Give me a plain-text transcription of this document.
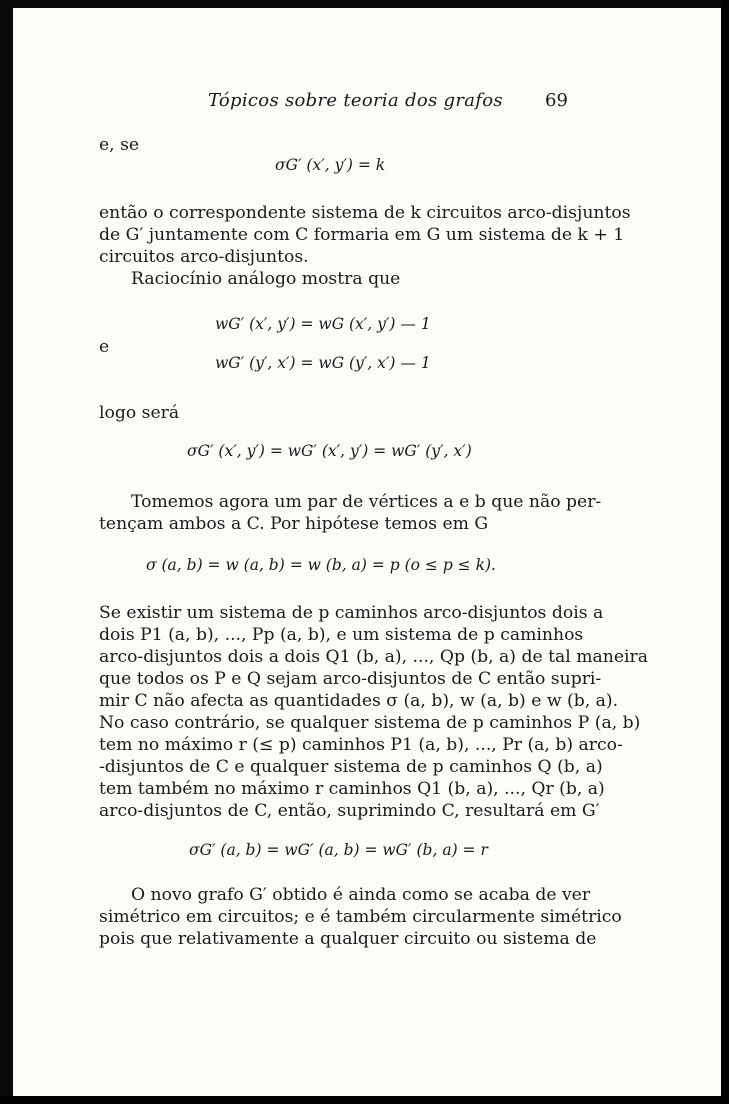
Tópicos sobre teoria dos grafos 69
e, se
σG′ (x′, y′) = k
então o correspondente sistema de k circuitos arco-disjuntos
de G′ juntamente com C formaria em G um sistema de k + 1
circuitos arco-disjuntos.
Raciocínio análogo mostra que
wG′ (x′, y′) = wG (x′, y′) — 1
e
wG′ (y′, x′) = wG (y′, x′) — 1
logo será
σG′ (x′, y′) = wG′ (x′, y′) = wG′ (y′, x′)
Tomemos agora um par de vértices a e b que não per-
tençam ambos a C. Por hipótese temos em G
σ (a, b) = w (a, b) = w (b, a) = p (o ≤ p ≤ k).
Se existir um sistema de p caminhos arco-disjuntos dois a
dois P1 (a, b), ..., Pp (a, b), e um sistema de p caminhos
arco-disjuntos dois a dois Q1 (b, a), ..., Qp (b, a) de tal maneira
que todos os P e Q sejam arco-disjuntos de C então supri-
mir C não afecta as quantidades σ (a, b), w (a, b) e w (b, a).
No caso contrário, se qualquer sistema de p caminhos P (a, b)
tem no máximo r (≤ p) caminhos P1 (a, b), ..., Pr (a, b) arco-
-disjuntos de C e qualquer sistema de p caminhos Q (b, a)
tem também no máximo r caminhos Q1 (b, a), ..., Qr (b, a)
arco-disjuntos de C, então, suprimindo C, resultará em G′
σG′ (a, b) = wG′ (a, b) = wG′ (b, a) = r
O novo grafo G′ obtido é ainda como se acaba de ver
simétrico em circuitos; e é também circularmente simétrico
pois que relativamente a qualquer circuito ou sistema de
